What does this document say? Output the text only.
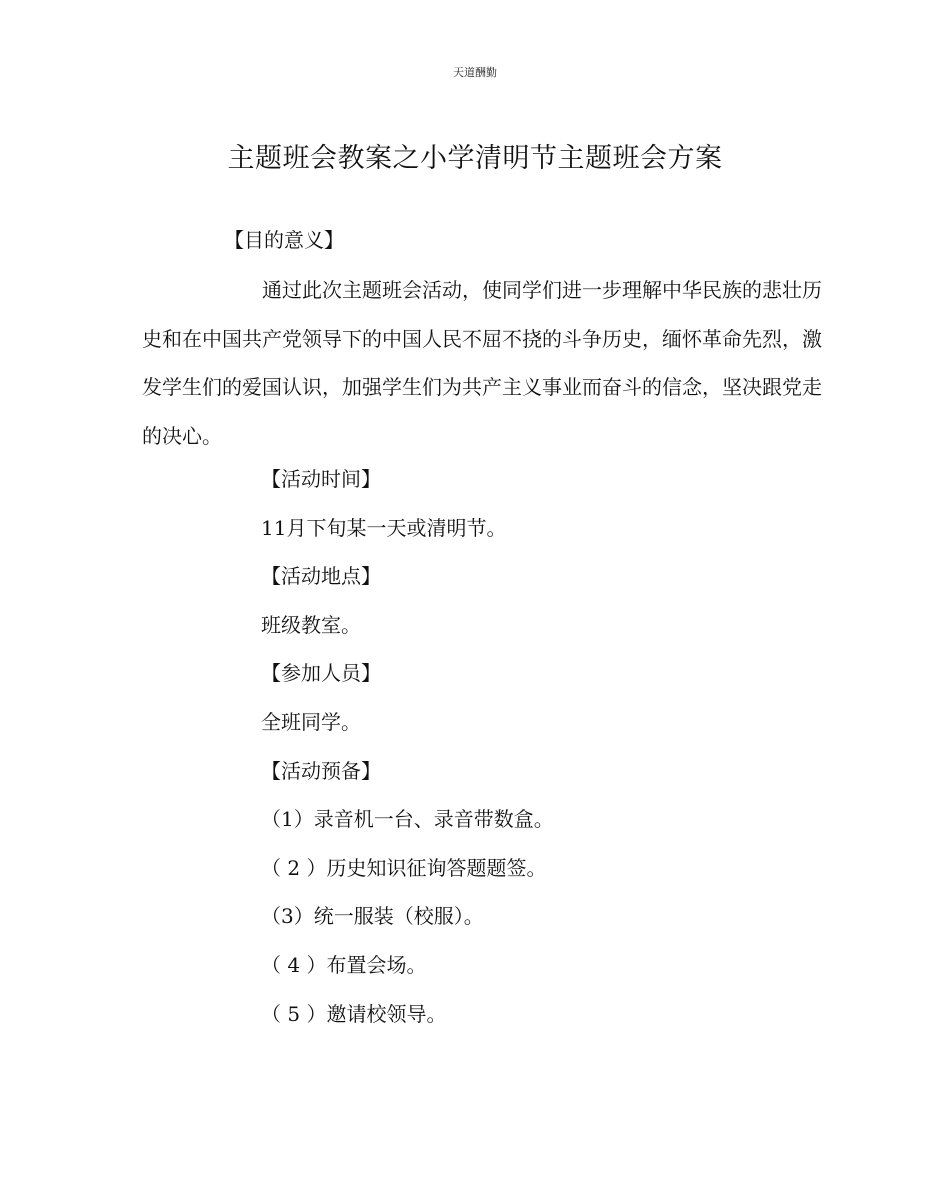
天道酬勤
主题班会教案之小学清明节主题班会方案
【目的意义】
通过此次主题班会活动，使同学们进一步理解中华民族的悲壮历史和在中国共产党领导下的中国人民不屈不挠的斗争历史，缅怀革命先烈，激发学生们的爱国认识，加强学生们为共产主义事业而奋斗的信念，坚决跟党走的决心。
【活动时间】
11月下旬某一天或清明节。
【活动地点】
班级教室。
【参加人员】
全班同学。
【活动预备】
（1）录音机一台、录音带数盒。
（ 2 ）历史知识征询答题题签。
（3）统一服装（校服）。
（ 4 ）布置会场。
（ 5 ）邀请校领导。
